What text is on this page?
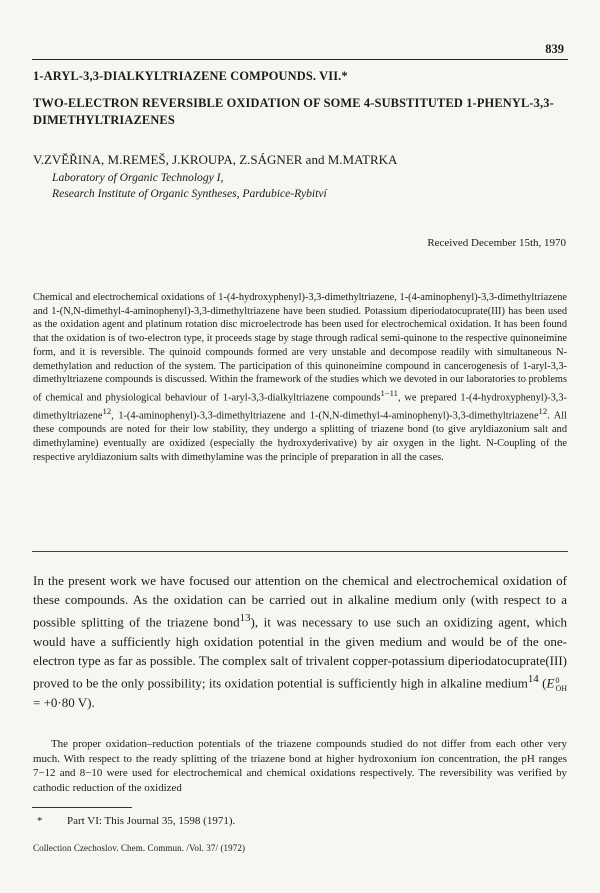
839
1-ARYL-3,3-DIALKYLTRIAZENE COMPOUNDS. VII.*
TWO-ELECTRON REVERSIBLE OXIDATION OF SOME 4-SUBSTITUTED 1-PHENYL-3,3-DIMETHYLTRIAZENES
V.ZVĚŘINA, M.REMEŠ, J.KROUPA, Z.SÁGNER and M.MATRKA
Laboratory of Organic Technology I,
Research Institute of Organic Syntheses, Pardubice-Rybitví
Received December 15th, 1970

Chemical and electrochemical oxidations of 1-(4-hydroxyphenyl)-3,3-dimethyltriazene, 1-(4-aminophenyl)-3,3-dimethyltriazene and 1-(N,N-dimethyl-4-aminophenyl)-3,3-dimethyltriazene have been studied. Potassium diperiodatocuprate(III) has been used as the oxidation agent and platinum rotation disc microelectrode has been used for electrochemical oxidation. It has been found that the oxidation is of two-electron type, it proceeds stage by stage through radical semi-quinone to the respective quinoneimine form, and it is reversible. The quinoid compounds formed are very unstable and decompose readily with simultaneous N-demethylation and reduction of the system. The participation of this quinoneimine compound in cancerogenesis of 1-aryl-3,3-dimethyltriazene compounds is discussed. Within the framework of the studies which we devoted in our laboratories to problems of chemical and physiological behaviour of 1-aryl-3,3-dialkyltriazene compounds$^{1-11}$, we prepared 1-(4-hydroxyphenyl)-3,3-dimethyltriazene$^{12}$, 1-(4-aminophenyl)-3,3-dimethyltriazene and 1-(N,N-dimethyl-4-aminophenyl)-3,3-dimethyltriazene$^{12}$. All these compounds are noted for their low stability, they undergo a splitting of triazene bond (to give aryldiazonium salt and dimethylamine) eventually are oxidized (especially the hydroxyderivative) by air oxygen in the light. N-Coupling of the respective aryldiazonium salts with dimethylamine was the principle of preparation in all the cases.

In the present work we have focused our attention on the chemical and electrochemical oxidation of these compounds. As the oxidation can be carried out in alkaline medium only (with respect to a possible splitting of the triazene bond$^{13}$), it was necessary to use such an oxidizing agent, which would have a sufficiently high oxidation potential in the given medium and would be of the one-electron type as far as possible. The complex salt of trivalent copper-potassium diperiodatocuprate(III) proved to be the only possibility; its oxidation potential is sufficiently high in alkaline medium$^{14}$ (E 0
OH
= +0·80 V).

The proper oxidation–reduction potentials of the triazene compounds studied do not differ from each other very much. With respect to the ready splitting of the triazene bond at higher hydroxonium ion concentration, the pH ranges 7−12 and 8−10 were used for electrochemical and chemical oxidations respectively. The reversibility was verified by cathodic reduction of the oxidized

* Part VI: This Journal 35, 1598 (1971).
Collection Czechoslov. Chem. Commun. /Vol. 37/ (1972)
